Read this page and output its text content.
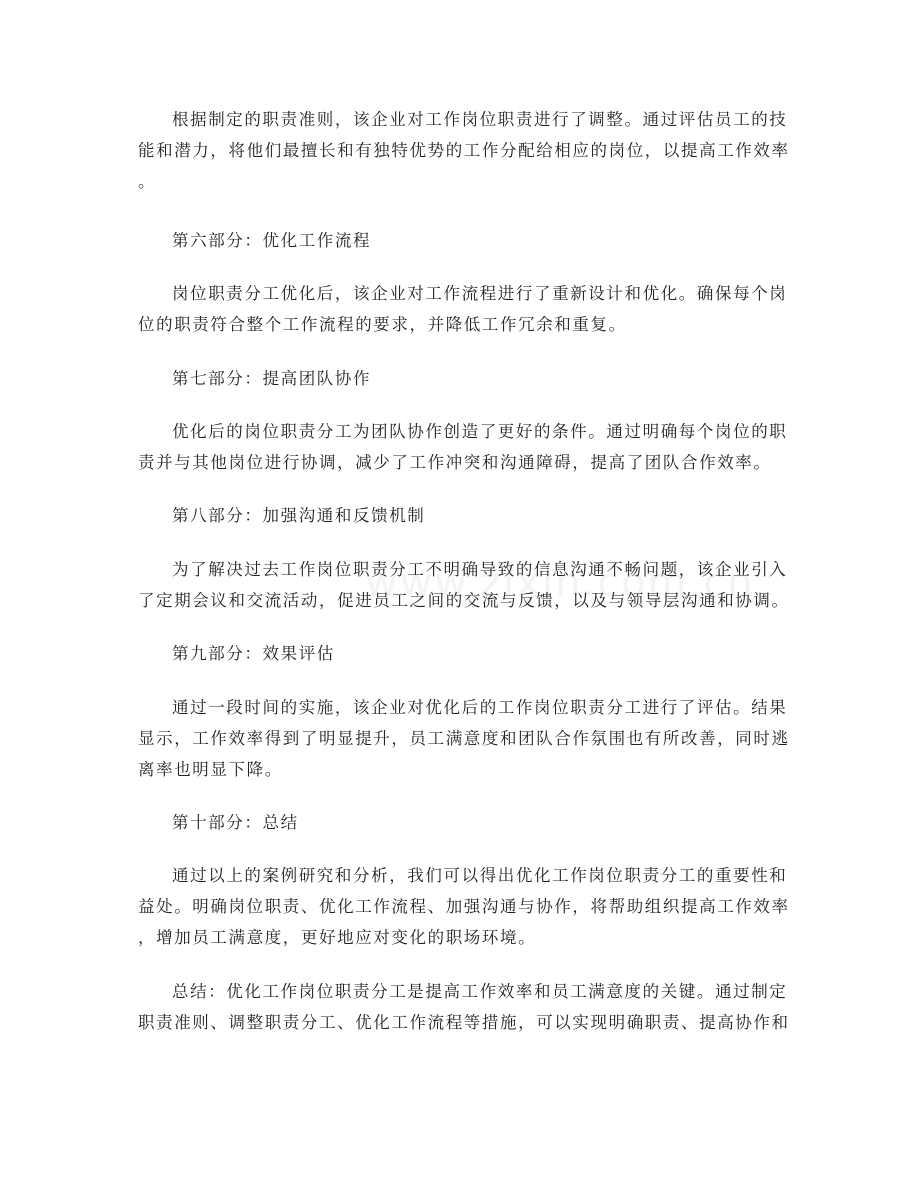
根据制定的职责准则，该企业对工作岗位职责进行了调整。通过评估员工的技
能和潜力，将他们最擅长和有独特优势的工作分配给相应的岗位，以提高工作效率
。
第六部分：优化工作流程
岗位职责分工优化后，该企业对工作流程进行了重新设计和优化。确保每个岗
位的职责符合整个工作流程的要求，并降低工作冗余和重复。
第七部分：提高团队协作
优化后的岗位职责分工为团队协作创造了更好的条件。通过明确每个岗位的职
责并与其他岗位进行协调，减少了工作冲突和沟通障碍，提高了团队合作效率。
第八部分：加强沟通和反馈机制
为了解决过去工作岗位职责分工不明确导致的信息沟通不畅问题，该企业引入
了定期会议和交流活动，促进员工之间的交流与反馈，以及与领导层沟通和协调。
第九部分：效果评估
通过一段时间的实施，该企业对优化后的工作岗位职责分工进行了评估。结果
显示，工作效率得到了明显提升，员工满意度和团队合作氛围也有所改善，同时逃
离率也明显下降。
第十部分：总结
通过以上的案例研究和分析，我们可以得出优化工作岗位职责分工的重要性和
益处。明确岗位职责、优化工作流程、加强沟通与协作，将帮助组织提高工作效率
，增加员工满意度，更好地应对变化的职场环境。
总结：优化工作岗位职责分工是提高工作效率和员工满意度的关键。通过制定
职责准则、调整职责分工、优化工作流程等措施，可以实现明确职责、提高协作和
